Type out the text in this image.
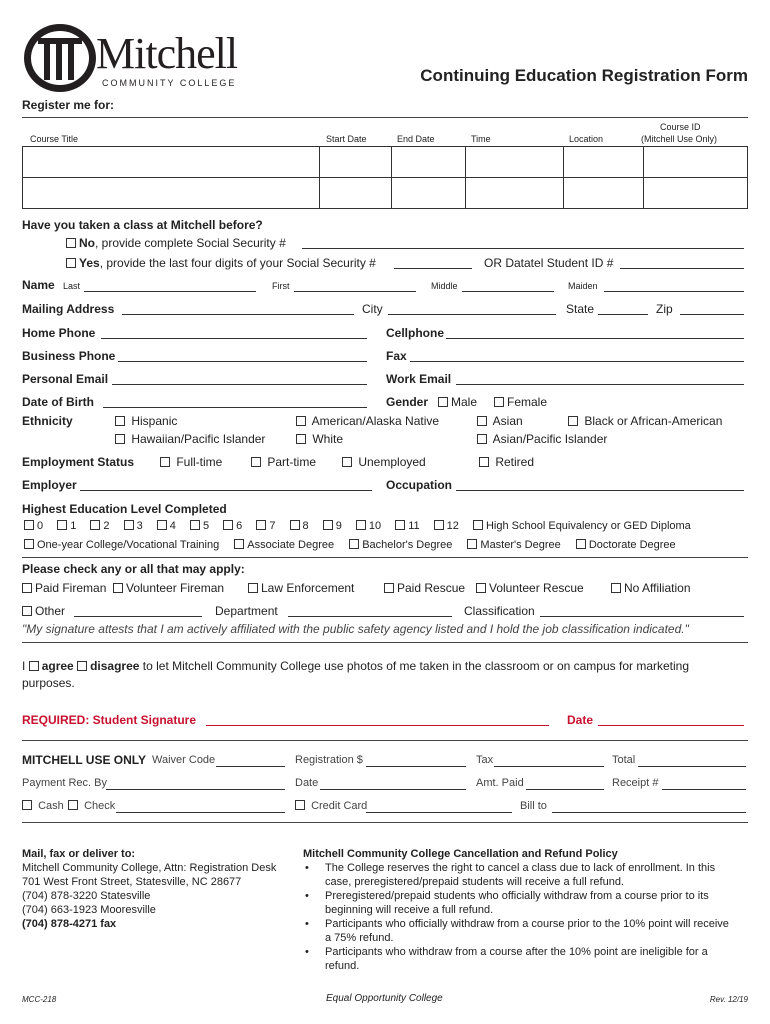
Mitchell
COMMUNITY COLLEGE	Continuing Education Registration Form
Register me for:
Course Title	Start Date	End Date	Time	Location
Course ID
(Mitchell Use Only)

Have you taken a class at Mitchell before?
No, provide complete Social Security #
Yes, provide the last four digits of your Social Security #	OR Datatel Student ID #
Name Last	First	Middle	Maiden
Mailing Address	City	State	Zip
Home Phone	Cellphone
Business Phone	Fax
Personal Email	Work Email
Date of Birth	Gender	Male	Female
Ethnicity	Hispanic	American/Alaska Native	Asian	Black or African-American
Hawaiian/Pacific Islander	White	Asian/Pacific Islander
Employment Status	Full-time	Part-time	Unemployed	Retired
Employer	Occupation
Highest Education Level Completed
0 1 2 3 4 5 6 7 8 9 10 11 12 High School Equivalency or GED Diploma
One-year College/Vocational Training	Associate Degree	Bachelor's Degree	Master's Degree	Doctorate Degree
Please check any or all that may apply:
Paid Fireman	Volunteer Fireman	Law Enforcement	Paid Rescue	Volunteer Rescue	No Affiliation
Other	Department	Classification
"My signature attests that I am actively affiliated with the public safety agency listed and I hold the job classification indicated."
I agree disagree to let Mitchell Community College use photos of me taken in the classroom or on campus for marketing
purposes.
REQUIRED: Student Signature	Date
MITCHELL USE ONLY Waiver Code	Registration $	Tax	Total
Payment Rec. By	Date	Amt. Paid	Receipt #
Cash	Check	Credit Card	Bill to
Mail, fax or deliver to:
Mitchell Community College, Attn: Registration Desk
701 West Front Street, Statesville, NC 28677
(704) 878-3220 Statesville
(704) 663-1923 Mooresville
(704) 878-4271 fax
Mitchell Community College Cancellation and Refund Policy
• The College reserves the right to cancel a class due to lack of enrollment. In this
case, preregistered/prepaid students will receive a full refund.
• Preregistered/prepaid students who officially withdraw from a course prior to its
beginning will receive a full refund.
• Participants who officially withdraw from a course prior to the 10% point will receive
a 75% refund.
• Participants who withdraw from a course after the 10% point are ineligible for a
refund.
MCC-218	Equal Opportunity College	Rev. 12/19
